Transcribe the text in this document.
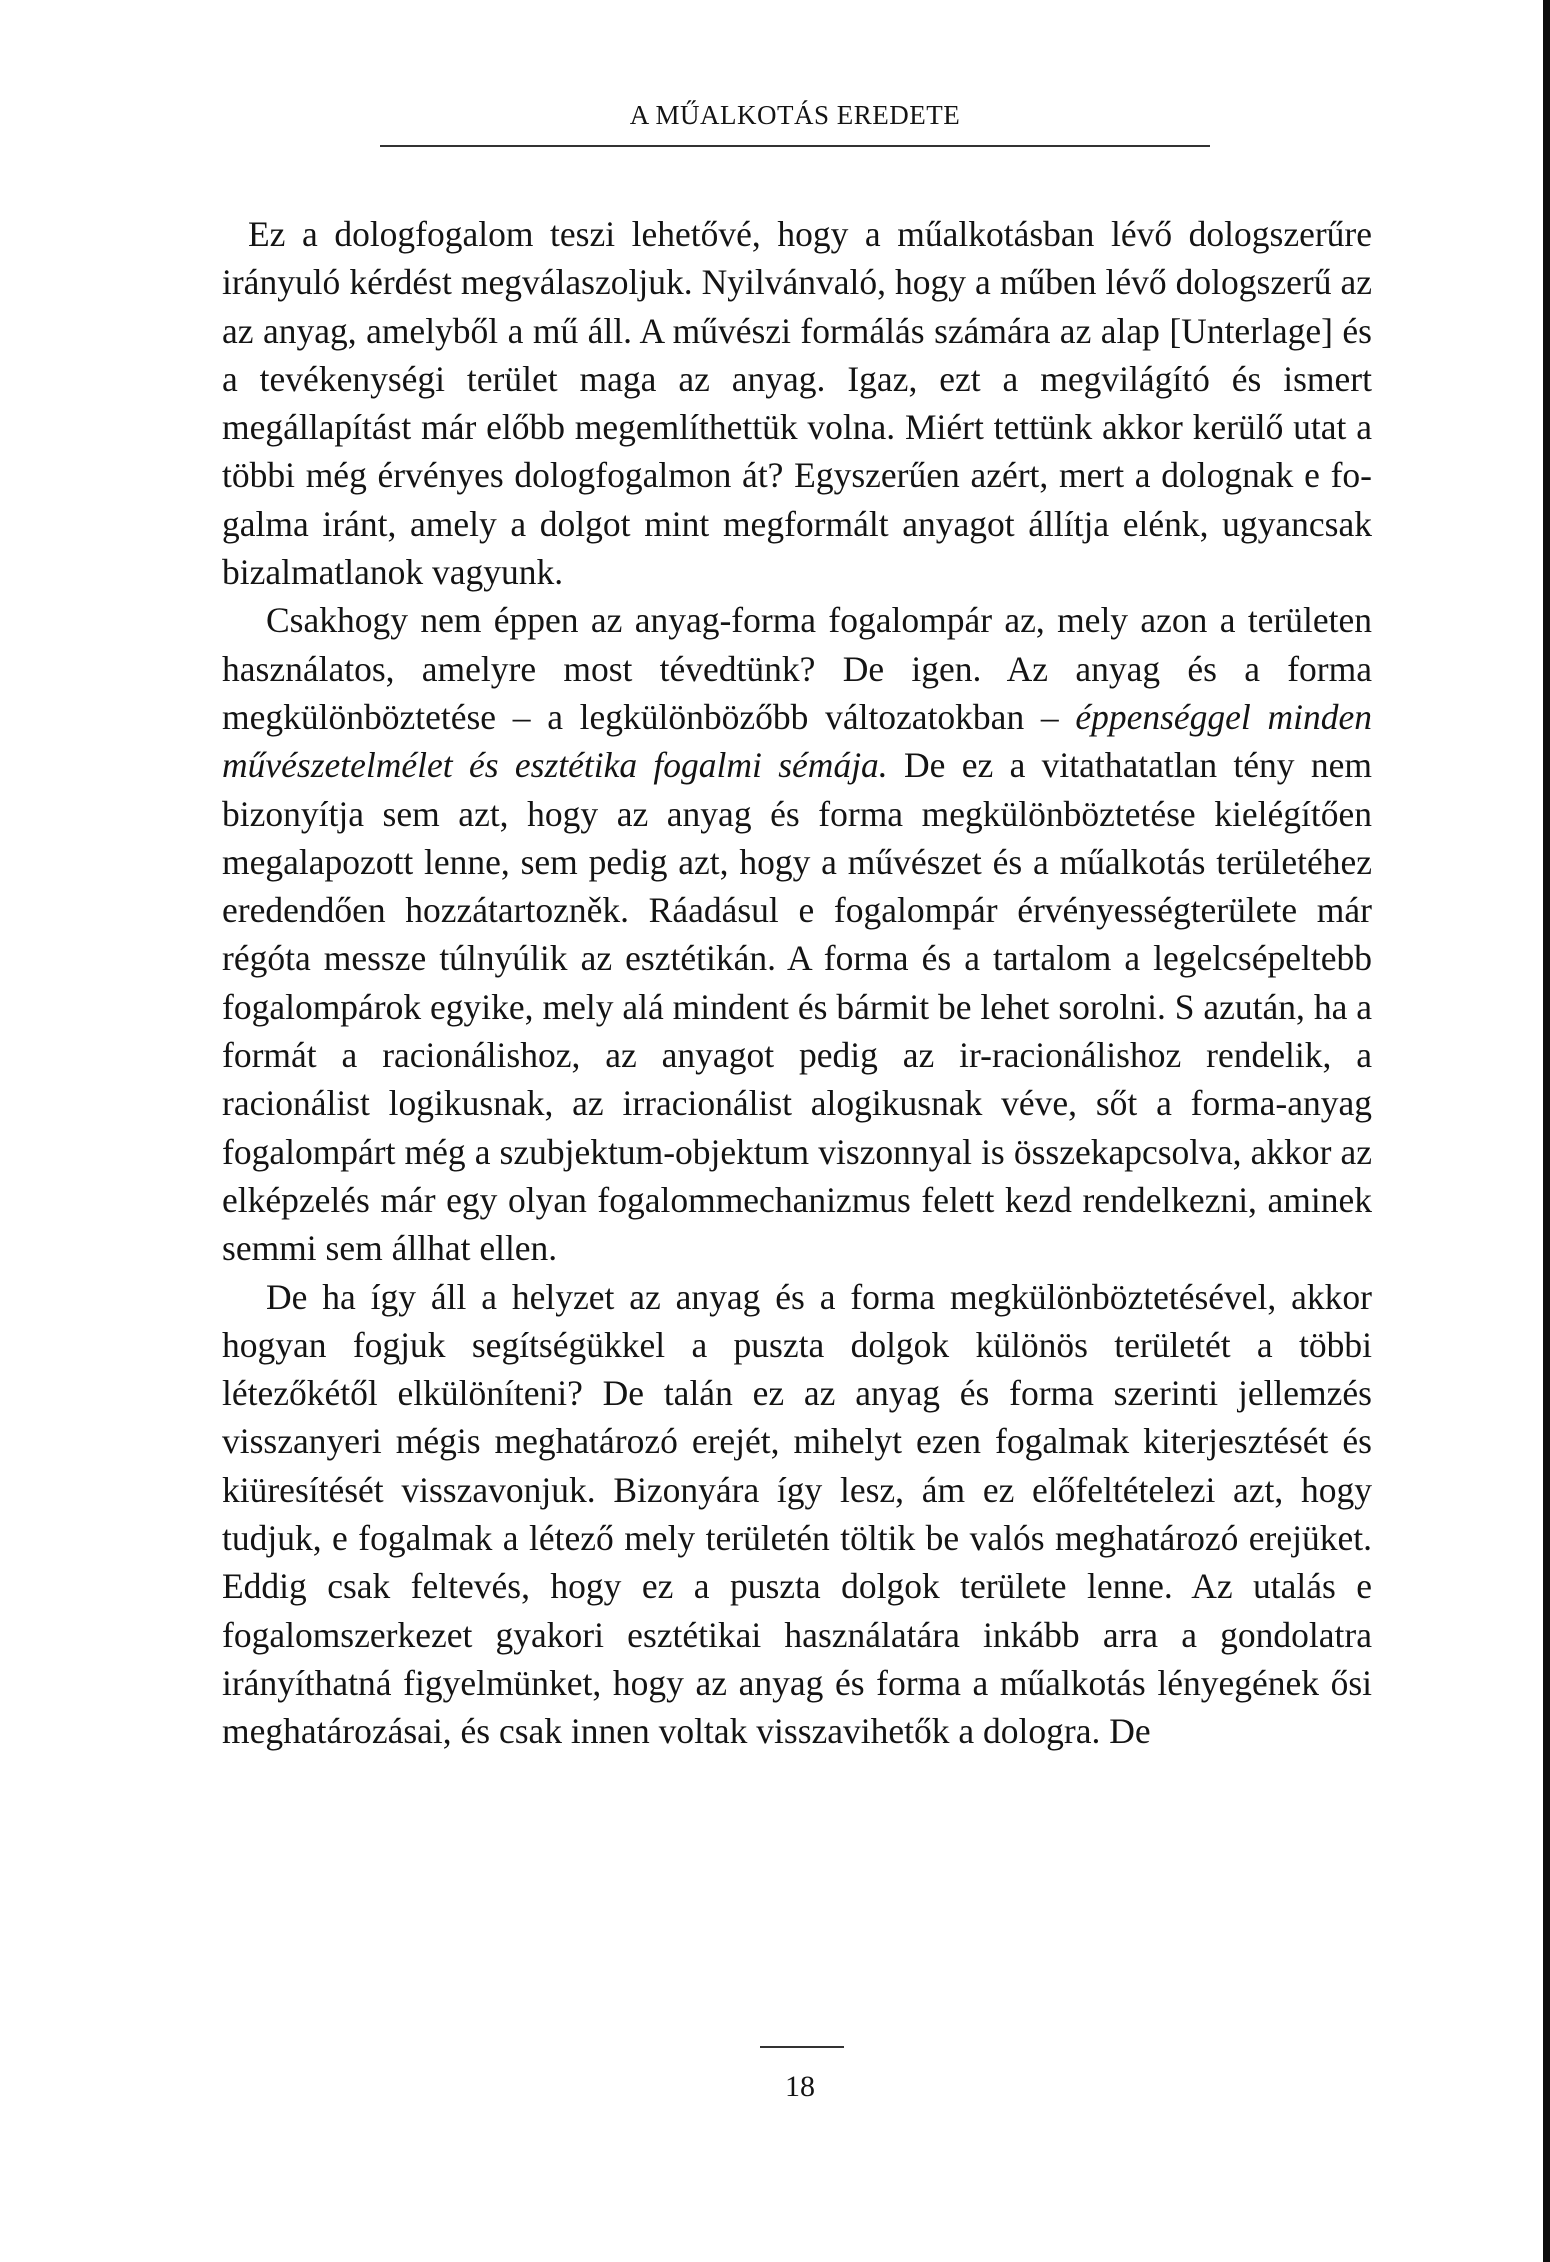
A MŰALKOTÁS EREDETE

Ez a dologfogalom teszi lehetővé, hogy a műalkotásban lévő dologszerűre irányuló kérdést megválaszoljuk. Nyilvánvaló, hogy a műben lévő dologszerű az az anyag, amelyből a mű áll. A művészi formálás számára az alap [Unterlage] és a tevékenységi terület maga az anyag. Igaz, ezt a megvilágító és ismert megállapítást már előbb megemlíthettük volna. Miért tettünk akkor kerülő utat a többi még érvényes dologfogalmon át? Egyszerűen azért, mert a dolognak e fogalma iránt, amely a dolgot mint megformált anyagot állítja elénk, ugyancsak bizalmatlanok vagyunk.

Csakhogy nem éppen az anyag-forma fogalompár az, mely azon a területen használatos, amelyre most tévedtünk? De igen. Az anyag és a forma megkülönböztetése – a legkülönbözőbb változatokban – éppenséggel minden művészetelmélet és esztétika fogalmi sémája. De ez a vitathatatlan tény nem bizonyítja sem azt, hogy az anyag és forma megkülönböztetése kielégítően megalapozott lenne, sem pedig azt, hogy a művészet és a műalkotás területéhez eredendően hozzátartozněk. Ráadásul e fogalompár érvényességterülete már régóta messze túlnyúlik az esztétikán. A forma és a tartalom a legelcsépeltebb fogalompárok egyike, mely alá mindent és bármit be lehet sorolni. S azután, ha a formát a racionálishoz, az anyagot pedig az ir-racionálishoz rendelik, a racionálist logikusnak, az irracionálist alogikusnak véve, sőt a forma-anyag fogalompárt még a szubjektum-objektum viszonnyal is összekapcsolva, akkor az elképzelés már egy olyan fogalommechanizmus felett kezd rendelkezni, aminek semmi sem állhat ellen.

De ha így áll a helyzet az anyag és a forma megkülönböztetésével, akkor hogyan fogjuk segítségükkel a puszta dolgok különös területét a többi létezőkétől elkülöníteni? De talán ez az anyag és forma szerinti jellemzés visszanyeri mégis meghatározó erejét, mihelyt ezen fogalmak kiterjesztését és kiüresítését visszavonjuk. Bizonyára így lesz, ám ez előfeltételezi azt, hogy tudjuk, e fogalmak a létező mely területén töltik be valós meghatározó erejüket. Eddig csak feltevés, hogy ez a puszta dolgok területe lenne. Az utalás e fogalomszerkezet gyakori esztétikai használatára inkább arra a gondolatra irányíthatná figyelmünket, hogy az anyag és forma a műalkotás lényegének ősi meghatározásai, és csak innen voltak visszavihetők a dologra. De

18
